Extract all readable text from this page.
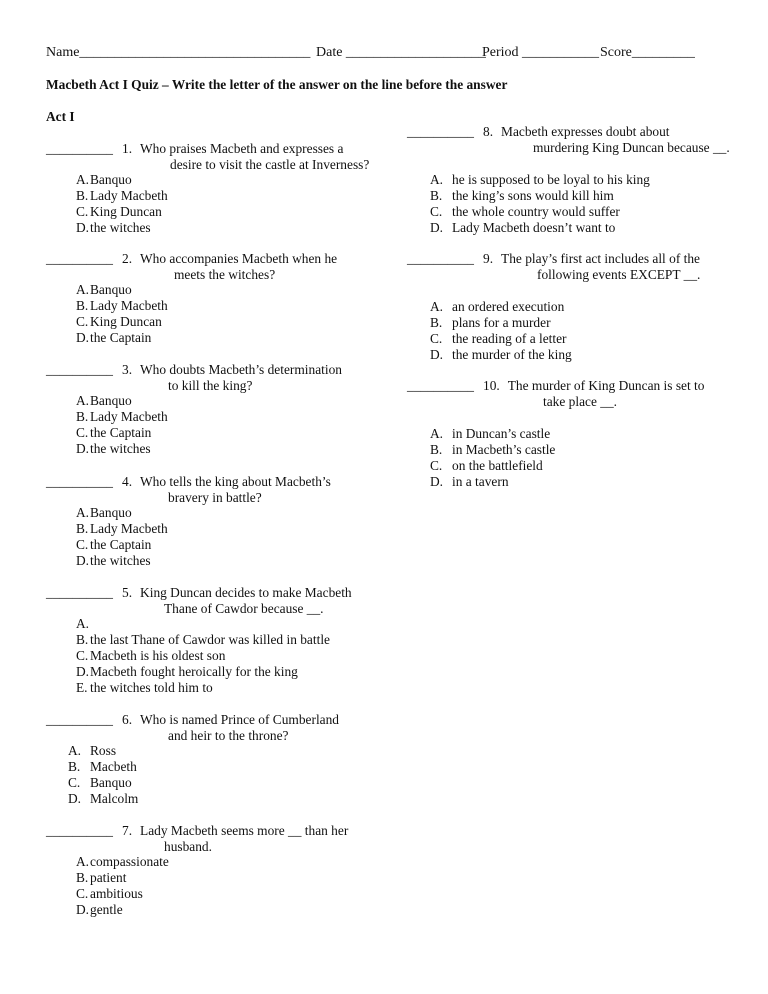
Name_________________________________ Date ____________________
Period ___________ Score_________
Macbeth Act I Quiz – Write the letter of the answer on the line before the answer
Act I
__________ 1. Who praises Macbeth and expresses a
desire to visit the castle at Inverness?
A. Banquo
B. Lady Macbeth
C. King Duncan
D. the witches
__________ 2. Who accompanies Macbeth when he
meets the witches?
A. Banquo
B. Lady Macbeth
C. King Duncan
D. the Captain
__________ 3. Who doubts Macbeth’s determination
to kill the king?
A. Banquo
B. Lady Macbeth
C. the Captain
D. the witches
__________ 4. Who tells the king about Macbeth’s
bravery in battle?
A. Banquo
B. Lady Macbeth
C. the Captain
D. the witches
__________ 5. King Duncan decides to make Macbeth
Thane of Cawdor because __.
A.
B. the last Thane of Cawdor was killed in battle
C. Macbeth is his oldest son
D. Macbeth fought heroically for the king
E. the witches told him to
__________ 6. Who is named Prince of Cumberland
and heir to the throne?
A. Ross
B. Macbeth
C. Banquo
D. Malcolm
__________ 7. Lady Macbeth seems more __ than her
husband.
A. compassionate
B. patient
C. ambitious
D. gentle
__________ 8. Macbeth expresses doubt about
murdering King Duncan because __.
A. he is supposed to be loyal to his king
B. the king’s sons would kill him
C. the whole country would suffer
D. Lady Macbeth doesn’t want to
__________ 9. The play’s first act includes all of the
following events EXCEPT __.
A. an ordered execution
B. plans for a murder
C. the reading of a letter
D. the murder of the king
__________ 10. The murder of King Duncan is set to
take place __.
A. in Duncan’s castle
B. in Macbeth’s castle
C. on the battlefield
D. in a tavern
